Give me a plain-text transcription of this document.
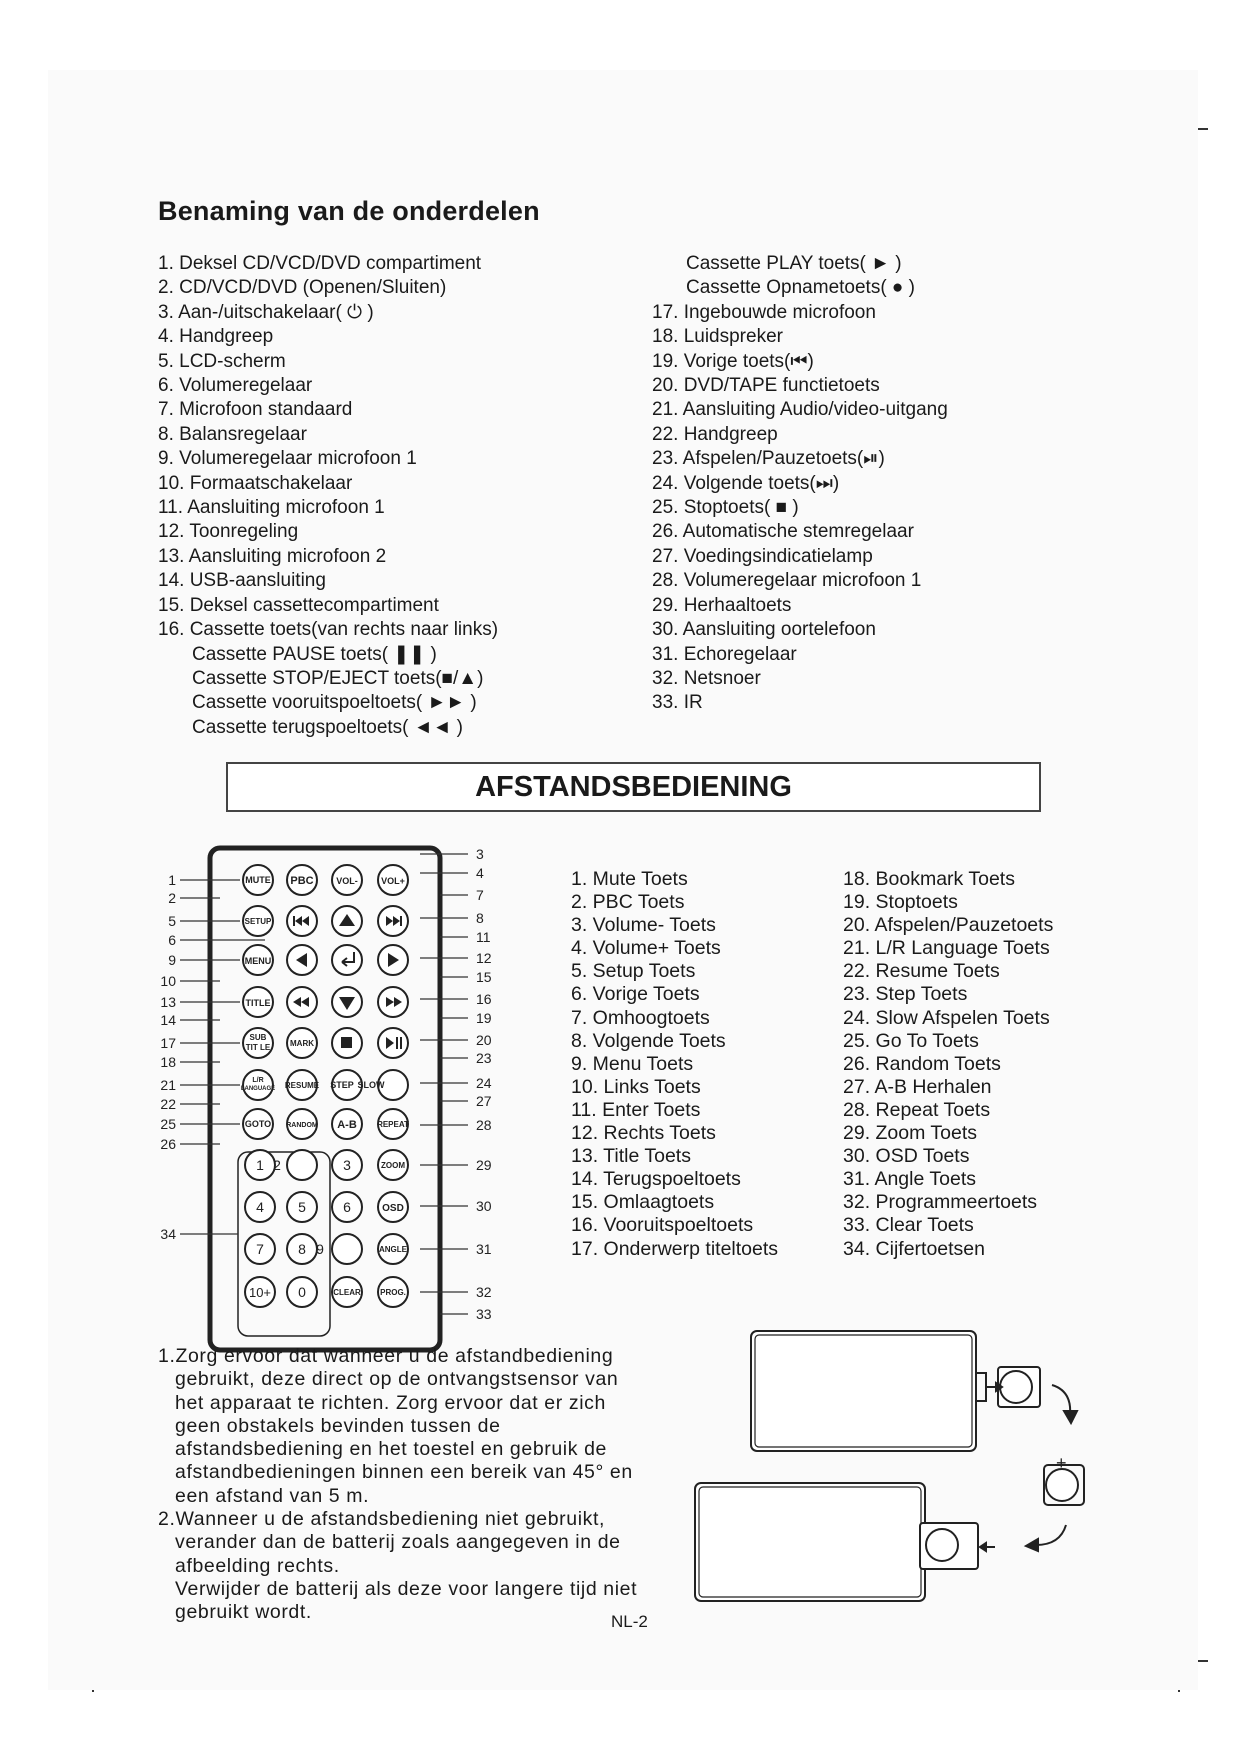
Benaming van de onderdelen
1. Deksel CD/VCD/DVD compartiment
2. CD/VCD/DVD (Openen/Sluiten)
3. Aan-/uitschakelaar( ⏻ )
4. Handgreep
5. LCD-scherm
6. Volumeregelaar
7. Microfoon standaard
8. Balansregelaar
9. Volumeregelaar microfoon 1
10. Formaatschakelaar
11. Aansluiting microfoon 1
12. Toonregeling
13. Aansluiting microfoon 2
14. USB-aansluiting
15. Deksel cassettecompartiment
16. Cassette toets(van rechts naar links)
Cassette PAUSE toets( ❚❚ )
Cassette STOP/EJECT toets(■/▲)
Cassette vooruitspoeltoets( ►► )
Cassette terugspoeltoets( ◄◄ )
Cassette PLAY toets( ► )
Cassette Opnametoets( ● )
17. Ingebouwde microfoon
18. Luidspreker
19. Vorige toets(⏮)
20. DVD/TAPE functietoets
21. Aansluiting Audio/video-uitgang
22. Handgreep
23. Afspelen/Pauzetoets(⏯)
24. Volgende toets(⏭)
25. Stoptoets( ■ )
26. Automatische stemregelaar
27. Voedingsindicatielamp
28. Volumeregelaar microfoon 1
29. Herhaaltoets
30. Aansluiting oortelefoon
31. Echoregelaar
32. Netsnoer
33. IR
AFSTANDSBEDIENING
1
2
5
6
9
10
13
14
17
18
21
22
25
26
34
3
4
7
8
11
12
15
16
19
20
23
24
27
28
29
30
31
32
33
MUTE PBC	VOL-	VOL+
SETUP
MENU
TITLE
SUB
TIT LE MARK
L/R
LANGUAGE RESUME STEP SLOW
GOTO RANDOM A-B	REPEAT
1 2	3	ZOOM
4 5	6	OSD
7 8 9	ANGLE
10+ 0	CLEAR PROG.
1. Mute Toets
2. PBC Toets
3. Volume- Toets
4. Volume+ Toets
5. Setup Toets
6. Vorige Toets
7. Omhoogtoets
8. Volgende Toets
9. Menu Toets
10. Links Toets
11. Enter Toets
12. Rechts Toets
13. Title Toets
14. Terugspoeltoets
15. Omlaagtoets
16. Vooruitspoeltoets
17. Onderwerp titeltoets
18. Bookmark Toets
19. Stoptoets
20. Afspelen/Pauzetoets
21. L/R Language Toets
22. Resume Toets
23. Step Toets
24. Slow Afspelen Toets
25. Go To Toets
26. Random Toets
27. A-B Herhalen
28. Repeat Toets
29. Zoom Toets
30. OSD Toets
31. Angle Toets
32. Programmeertoets
33. Clear Toets
34. Cijfertoetsen
1.Zorg ervoor dat wanneer u de afstandbediening
gebruikt, deze direct op de ontvangstsensor van
het apparaat te richten. Zorg ervoor dat er zich
geen obstakels bevinden tussen de
afstandsbediening en het toestel en gebruik de
afstandbedieningen binnen een bereik van 45° en
een afstand van 5 m.
2.Wanneer u de afstandsbediening niet gebruikt,
verander dan de batterij zoals aangegeven in de
afbeelding rechts.
Verwijder de batterij als deze voor langere tijd niet
gebruikt wordt.
+
NL-2
